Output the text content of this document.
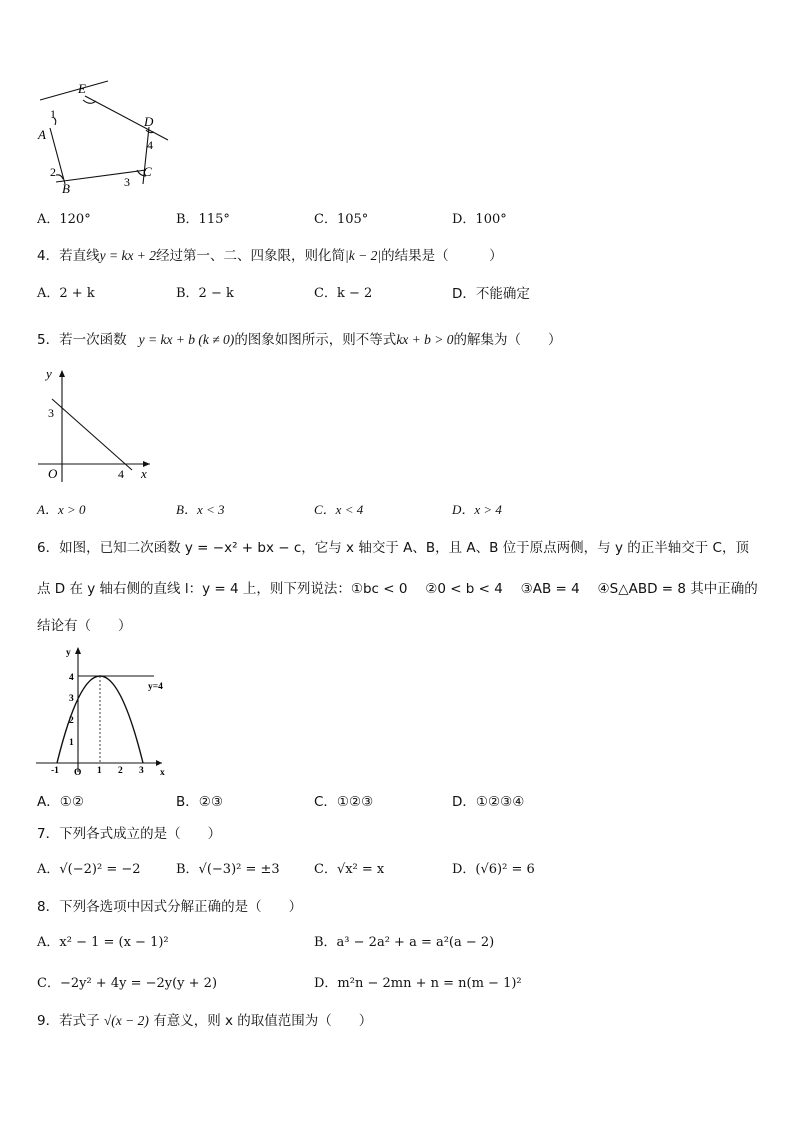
E
1
A
D
4
2
B	3
C
A．120°	B．115°	C．105°	D．100°
4．若直线y = kx + 2经过第一、二、四象限，则化简|k − 2|的结果是（　　　）
A．2 + k	B．2 − k	C．k − 2	D．不能确定
5．若一次函数 y = kx + b (k ≠ 0)的图象如图所示，则不等式kx + b > 0的解集为（　　）
y
x
O
3
4
A．x > 0	B．x < 3	C．x < 4	D．x > 4
6．如图，已知二次函数 y = −x² + bx − c，它与 x 轴交于 A、B，且 A、B 位于原点两侧，与 y 的正半轴交于 C，顶
点 D 在 y 轴右侧的直线 l：y = 4 上，则下列说法：①bc < 0　 ②0 < b < 4　 ③AB = 4　 ④S△ABD = 8 其中正确的
结论有（　　）
y
x
y=4
4
3
2
1
-1 O 1 2 3
A．①②	B．②③	C．①②③	D．①②③④
7．下列各式成立的是（　　）
A．√(−2)² = −2	B．√(−3)² = ±3	C．√x² = x	D．(√6)² = 6
8．下列各选项中因式分解正确的是（　　）
A．x² − 1 = (x − 1)²	B．a³ − 2a² + a = a²(a − 2)
C．−2y² + 4y = −2y(y + 2)	D．m²n − 2mn + n = n(m − 1)²
9．若式子 √(x − 2) 有意义，则 x 的取值范围为（　　）
